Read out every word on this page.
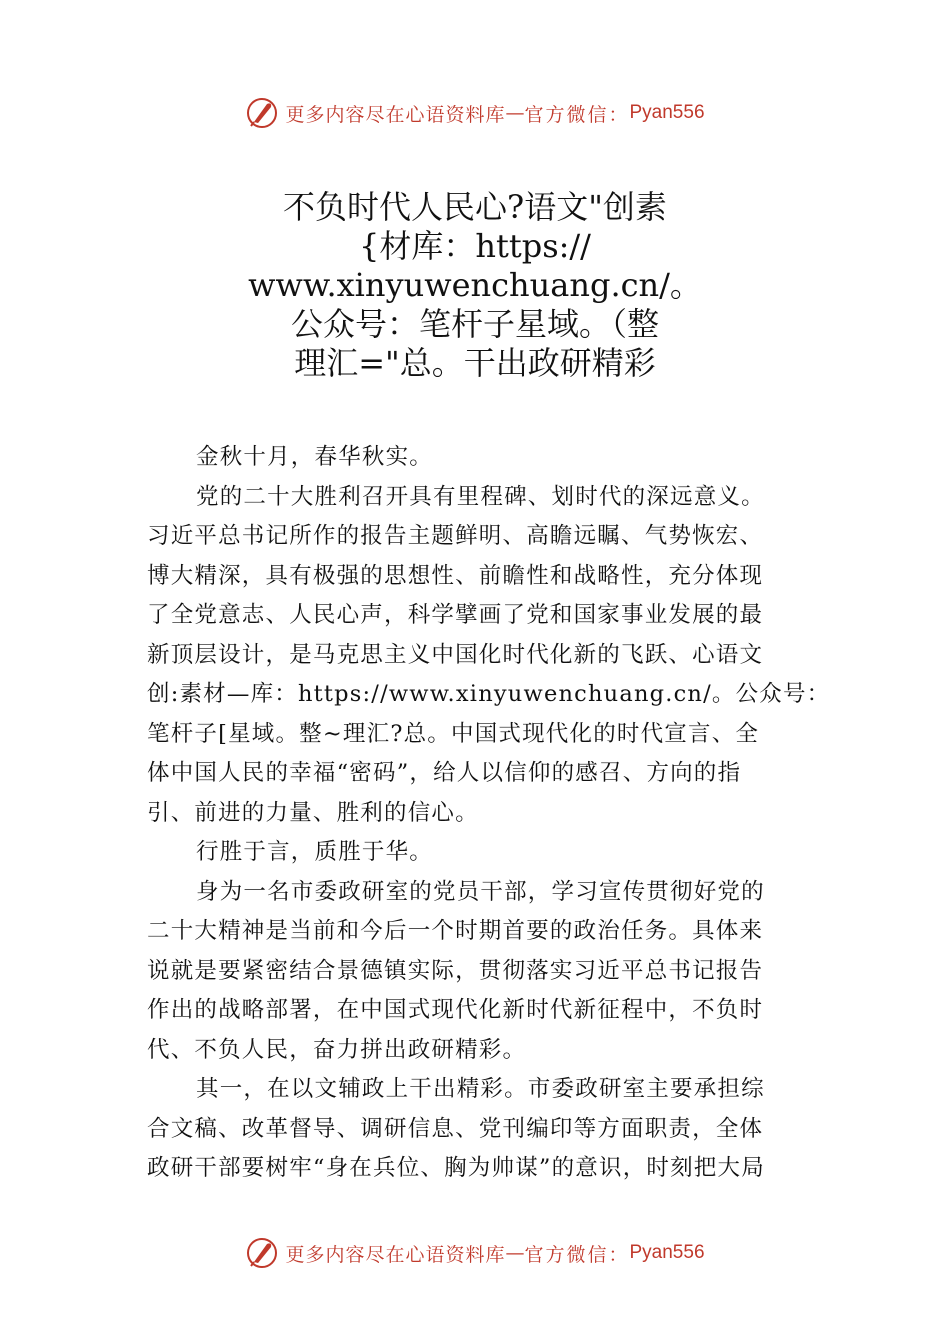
更多内容尽在心语资料库 — 官方微信： Pyan556
不负时代人民心?语文"创素
{材库：https://
www.xinyuwenchuang.cn/。
公众号：笔杆子星域。（整
理汇="总。干出政研精彩

金秋十月，春华秋实。

党的二十大胜利召开具有里程碑、划时代的深远意义。
习近平总书记所作的报告主题鲜明、高瞻远瞩、气势恢宏、
博大精深，具有极强的思想性、前瞻性和战略性，充分体现
了全党意志、人民心声，科学擘画了党和国家事业发展的最
新顶层设计，是马克思主义中国化时代化新的飞跃、心语文
创:素材—库：https://www.xinyuwenchuang.cn/。公众号：
笔杆子[星域。整~理汇?总。中国式现代化的时代宣言、全
体中国人民的幸福“密码”，给人以信仰的感召、方向的指
引、前进的力量、胜利的信心。

行胜于言，质胜于华。

身为一名市委政研室的党员干部，学习宣传贯彻好党的
二十大精神是当前和今后一个时期首要的政治任务。具体来
说就是要紧密结合景德镇实际，贯彻落实习近平总书记报告
作出的战略部署，在中国式现代化新时代新征程中，不负时
代、不负人民，奋力拼出政研精彩。

其一，在以文辅政上干出精彩。市委政研室主要承担综
合文稿、改革督导、调研信息、党刊编印等方面职责，全体
政研干部要树牢“身在兵位、胸为帅谋”的意识，时刻把大局

更多内容尽在心语资料库 — 官方微信： Pyan556
